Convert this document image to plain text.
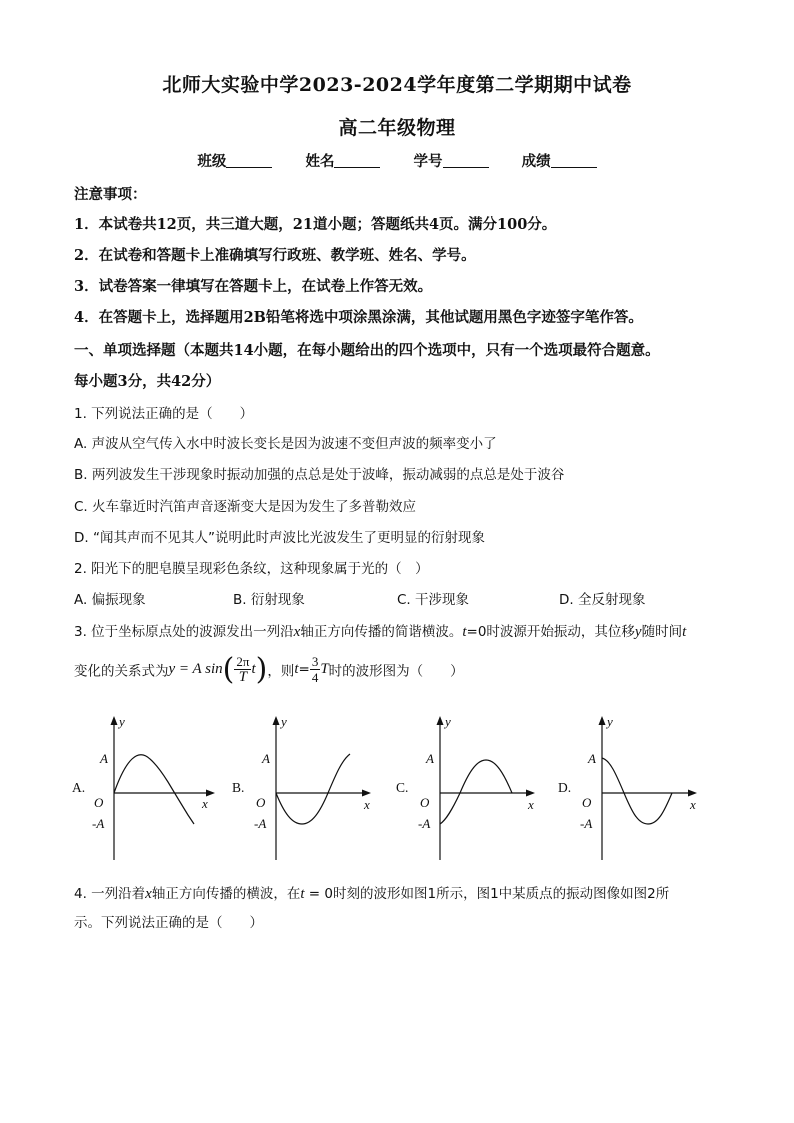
北师大实验中学2023-2024学年度第二学期期中试卷
高二年级物理
班级	姓名	学号	成绩
注意事项：
1．本试卷共12页，共三道大题，21道小题；答题纸共4页。满分100分。
2．在试卷和答题卡上准确填写行政班、教学班、姓名、学号。
3．试卷答案一律填写在答题卡上，在试卷上作答无效。
4．在答题卡上，选择题用2B铅笔将选中项涂黑涂满，其他试题用黑色字迹签字笔作答。
一、单项选择题（本题共14小题，在每小题给出的四个选项中，只有一个选项最符合题意。
每小题3分，共42分）
1. 下列说法正确的是（　　）
A. 声波从空气传入水中时波长变长是因为波速不变但声波的频率变小了
B. 两列波发生干涉现象时振动加强的点总是处于波峰，振动减弱的点总是处于波谷
C. 火车靠近时汽笛声音逐渐变大是因为发生了多普勒效应
D. “闻其声而不见其人”说明此时声波比光波发生了更明显的衍射现象
2. 阳光下的肥皂膜呈现彩色条纹，这种现象属于光的（　）
A. 偏振现象	B. 衍射现象	C. 干涉现象	D. 全反射现象
3. 位于坐标原点处的波源发出一列沿x轴正方向传播的简谐横波。t=0时波源开始振动，其位移y随时间t
变化的关系式为y = A $\sin( \frac{2\pi}{T} t)$，则$t= \frac{3}{4}$ T时的波形图为（　　）
A.	B.	C.	D.
y
A
O
-A
x
y
A
O
-A
x
y
A
O
-A
x
y
A
O
-A
x
4. 一列沿着x轴正方向传播的横波，在t = 0时刻的波形如图1所示，图1中某质点的振动图像如图2所
示。下列说法正确的是（　　）
